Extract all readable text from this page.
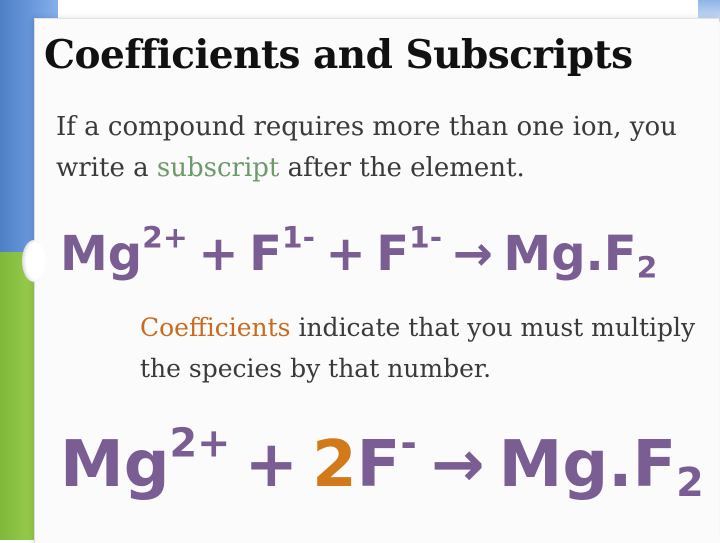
Coefficients and Subscripts
If a compound requires more than one ion, you write a subscript after the element.
$Mg^{2+} + F^{1-} + F^{1-} \to Mg.F_2$
Coefficients indicate that you must multiply the species by that number.
$Mg^{2+} + 2F^- \to Mg.F_2$
